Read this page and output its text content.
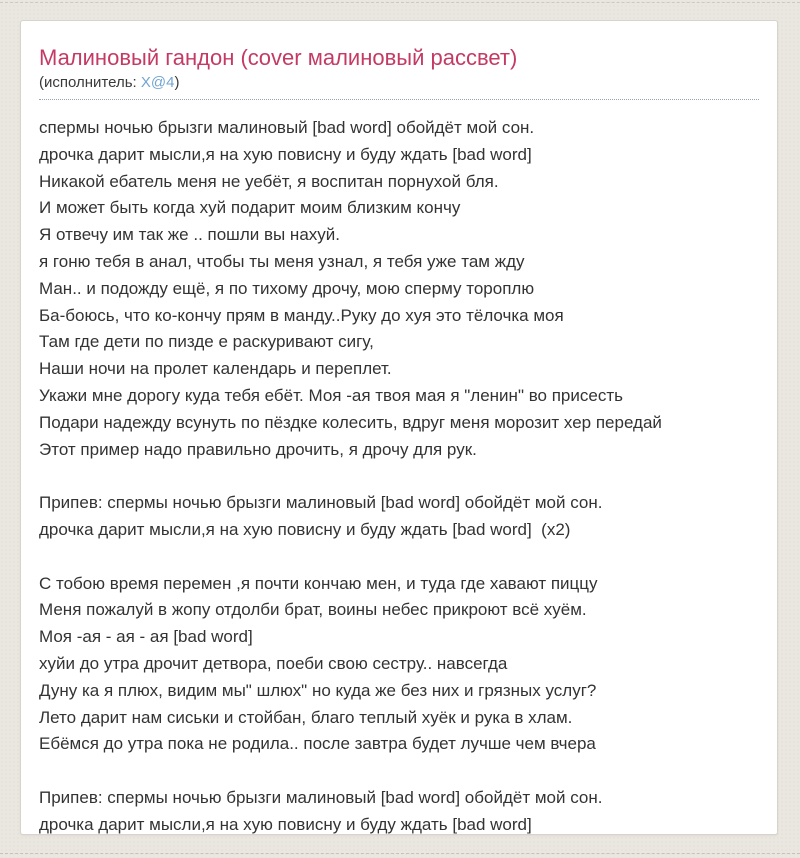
Малиновый гандон (cover малиновый рассвет)
(исполнитель: X@4)
спермы ночью брызги малиновый [bad word] обойдёт мой сон.
дрочка дарит мысли,я на хую повисну и буду ждать [bad word]
Никакой ебатель меня не уебёт, я воспитан порнухой бля.
И может быть когда хуй подарит моим близким кончу
Я отвечу им так же .. пошли вы нахуй.
я гоню тебя в анал, чтобы ты меня узнал, я тебя уже там жду
Ман.. и подожду ещё, я по тихому дрочу, мою сперму тороплю
Ба-боюсь, что ко-кончу прям в манду..Руку до хуя это тёлочка моя
Там где дети по пизде е раскуривают сигу,
Наши ночи на пролет календарь и переплет.
Укажи мне дорогу куда тебя ебёт. Моя -ая твоя мая я "ленин" во присесть
Подари надежду всунуть по пёздке колесить, вдруг меня морозит хер передай
Этот пример надо правильно дрочить, я дрочу для рук.

Припев: спермы ночью брызги малиновый [bad word] обойдёт мой сон.
дрочка дарит мысли,я на хую повисну и буду ждать [bad word]  (x2)

С тобою время перемен ,я почти кончаю мен, и туда где хавают пиццу
Меня пожалуй в жопу отдолби брат, воины небес прикроют всё хуём.
Моя -ая - ая - ая [bad word]
хуйи до утра дрочит детвора, поеби свою сестру.. навсегда
Дуну ка я плюх, видим мы" шлюх" но куда же без них и грязных услуг?
Лето дарит нам сиськи и стойбан, благо теплый хуёк и рука в хлам.
Ебёмся до утра пока не родила.. после завтра будет лучше чем вчера

Припев: спермы ночью брызги малиновый [bad word] обойдёт мой сон.
дрочка дарит мысли,я на хую повисну и буду ждать [bad word]
